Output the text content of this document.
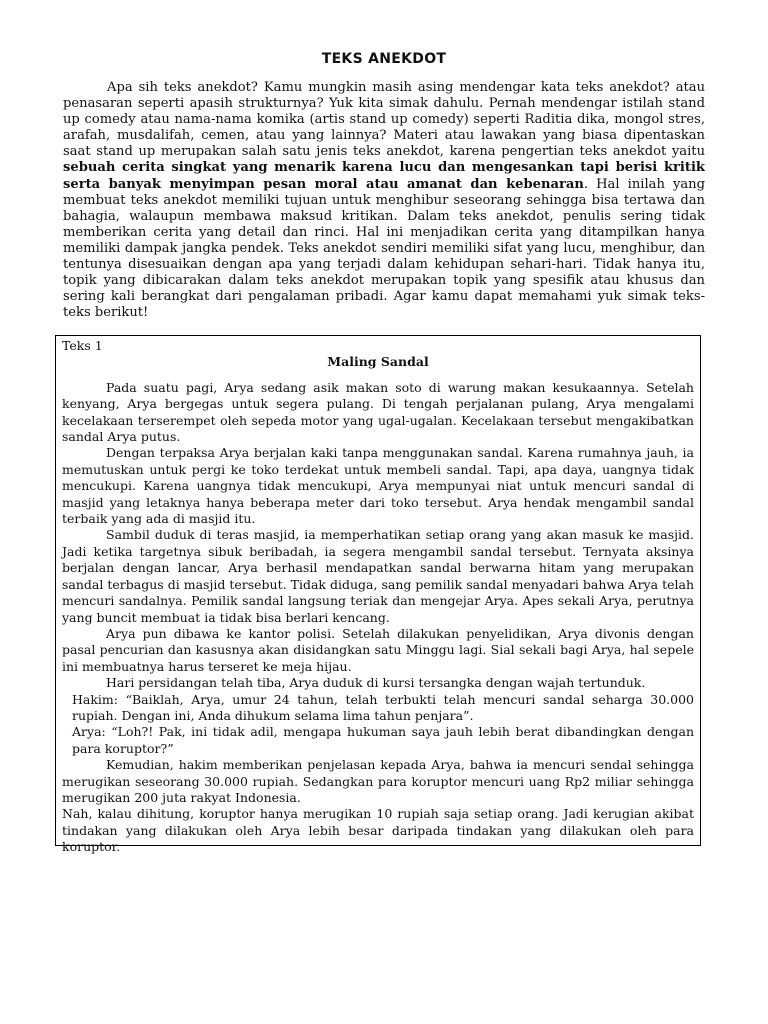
TEKS ANEKDOT

Apa sih teks anekdot? Kamu mungkin masih asing mendengar kata teks anekdot? atau penasaran seperti apasih strukturnya? Yuk kita simak dahulu. Pernah mendengar istilah stand up comedy atau nama-nama komika (artis stand up comedy) seperti Raditia dika, mongol stres, arafah, musdalifah, cemen, atau yang lainnya? Materi atau lawakan yang biasa dipentaskan saat stand up merupakan salah satu jenis teks anekdot, karena pengertian teks anekdot yaitu sebuah cerita singkat yang menarik karena lucu dan mengesankan tapi berisi kritik serta banyak menyimpan pesan moral atau amanat dan kebenaran. Hal inilah yang membuat teks anekdot memiliki tujuan untuk menghibur seseorang sehingga bisa tertawa dan bahagia, walaupun membawa maksud kritikan. Dalam teks anekdot, penulis sering tidak memberikan cerita yang detail dan rinci. Hal ini menjadikan cerita yang ditampilkan hanya memiliki dampak jangka pendek. Teks anekdot sendiri memiliki sifat yang lucu, menghibur, dan tentunya disesuaikan dengan apa yang terjadi dalam kehidupan sehari-hari. Tidak hanya itu, topik yang dibicarakan dalam teks anekdot merupakan topik yang spesifik atau khusus dan sering kali berangkat dari pengalaman pribadi. Agar kamu dapat memahami yuk simak teks-teks berikut!

Teks 1

Maling Sandal

Pada suatu pagi, Arya sedang asik makan soto di warung makan kesukaannya. Setelah kenyang, Arya bergegas untuk segera pulang. Di tengah perjalanan pulang, Arya mengalami kecelakaan terserempet oleh sepeda motor yang ugal-ugalan. Kecelakaan tersebut mengakibatkan sandal Arya putus.

Dengan terpaksa Arya berjalan kaki tanpa menggunakan sandal. Karena rumahnya jauh, ia memutuskan untuk pergi ke toko terdekat untuk membeli sandal. Tapi, apa daya, uangnya tidak mencukupi. Karena uangnya tidak mencukupi, Arya mempunyai niat untuk mencuri sandal di masjid yang letaknya hanya beberapa meter dari toko tersebut. Arya hendak mengambil sandal terbaik yang ada di masjid itu.

Sambil duduk di teras masjid, ia memperhatikan setiap orang yang akan masuk ke masjid. Jadi ketika targetnya sibuk beribadah, ia segera mengambil sandal tersebut. Ternyata aksinya berjalan dengan lancar, Arya berhasil mendapatkan sandal berwarna hitam yang merupakan sandal terbagus di masjid tersebut. Tidak diduga, sang pemilik sandal menyadari bahwa Arya telah mencuri sandalnya. Pemilik sandal langsung teriak dan mengejar Arya. Apes sekali Arya, perutnya yang buncit membuat ia tidak bisa berlari kencang.

Arya pun dibawa ke kantor polisi. Setelah dilakukan penyelidikan, Arya divonis dengan pasal pencurian dan kasusnya akan disidangkan satu Minggu lagi. Sial sekali bagi Arya, hal sepele ini membuatnya harus terseret ke meja hijau.

Hari persidangan telah tiba, Arya duduk di kursi tersangka dengan wajah tertunduk.

Hakim: “Baiklah, Arya, umur 24 tahun, telah terbukti telah mencuri sandal seharga 30.000 rupiah. Dengan ini, Anda dihukum selama lima tahun penjara”.

Arya: “Loh?! Pak, ini tidak adil, mengapa hukuman saya jauh lebih berat dibandingkan dengan para koruptor?”

Kemudian, hakim memberikan penjelasan kepada Arya, bahwa ia mencuri sendal sehingga merugikan seseorang 30.000 rupiah. Sedangkan para koruptor mencuri uang Rp2 miliar sehingga merugikan 200 juta rakyat Indonesia.

Nah, kalau dihitung, koruptor hanya merugikan 10 rupiah saja setiap orang. Jadi kerugian akibat tindakan yang dilakukan oleh Arya lebih besar daripada tindakan yang dilakukan oleh para koruptor.
